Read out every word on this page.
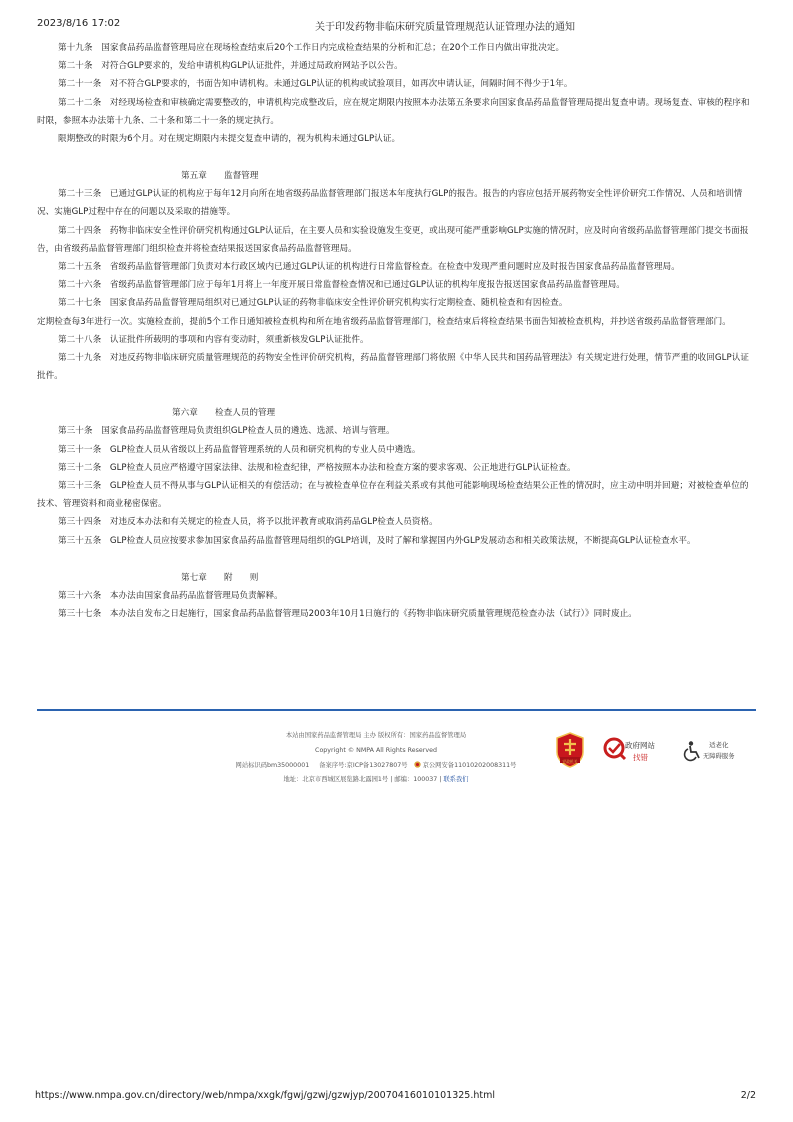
2023/8/16 17:02	关于印发药物非临床研究质量管理规范认证管理办法的通知

第十九条　国家食品药品监督管理局应在现场检查结束后20个工作日内完成检查结果的分析和汇总；在20个工作日内做出审批决定。

第二十条　对符合GLP要求的，发给申请机构GLP认证批件，并通过局政府网站予以公告。

第二十一条　对不符合GLP要求的，书面告知申请机构。未通过GLP认证的机构或试验项目，如再次申请认证，间隔时间不得少于1年。

第二十二条　对经现场检查和审核确定需要整改的，申请机构完成整改后，应在规定期限内按照本办法第五条要求向国家食品药品监督管理局提出复查申请。现场复查、审核的程序和时限，参照本办法第十九条、二十条和第二十一条的规定执行。

限期整改的时限为6个月。对在规定期限内未提交复查申请的，视为机构未通过GLP认证。

第五章　　监督管理

第二十三条　已通过GLP认证的机构应于每年12月向所在地省级药品监督管理部门报送本年度执行GLP的报告。报告的内容应包括开展药物安全性评价研究工作情况、人员和培训情况、实施GLP过程中存在的问题以及采取的措施等。

第二十四条　药物非临床安全性评价研究机构通过GLP认证后，在主要人员和实验设施发生变更，或出现可能严重影响GLP实施的情况时，应及时向省级药品监督管理部门提交书面报告，由省级药品监督管理部门组织检查并将检查结果报送国家食品药品监督管理局。

第二十五条　省级药品监督管理部门负责对本行政区域内已通过GLP认证的机构进行日常监督检查。在检查中发现严重问题时应及时报告国家食品药品监督管理局。

第二十六条　省级药品监督管理部门应于每年1月将上一年度开展日常监督检查情况和已通过GLP认证的机构年度报告报送国家食品药品监督管理局。

第二十七条　国家食品药品监督管理局组织对已通过GLP认证的药物非临床安全性评价研究机构实行定期检查、随机检查和有因检查。

定期检查每3年进行一次。实施检查前，提前5个工作日通知被检查机构和所在地省级药品监督管理部门，检查结束后将检查结果书面告知被检查机构，并抄送省级药品监督管理部门。

第二十八条　认证批件所载明的事项和内容有变动时，须重新核发GLP认证批件。

第二十九条　对违反药物非临床研究质量管理规范的药物安全性评价研究机构，药品监督管理部门将依照《中华人民共和国药品管理法》有关规定进行处理，情节严重的收回GLP认证批件。

第六章　　检查人员的管理

第三十条　国家食品药品监督管理局负责组织GLP检查人员的遴选、选派、培训与管理。

第三十一条　GLP检查人员从省级以上药品监督管理系统的人员和研究机构的专业人员中遴选。

第三十二条　GLP检查人员应严格遵守国家法律、法规和检查纪律，严格按照本办法和检查方案的要求客观、公正地进行GLP认证检查。

第三十三条　GLP检查人员不得从事与GLP认证相关的有偿活动；在与被检查单位存在利益关系或有其他可能影响现场检查结果公正性的情况时，应主动申明并回避；对被检查单位的技术、管理资料和商业秘密保密。

第三十四条　对违反本办法和有关规定的检查人员，将予以批评教育或取消药品GLP检查人员资格。

第三十五条　GLP检查人员应按要求参加国家食品药品监督管理局组织的GLP培训，及时了解和掌握国内外GLP发展动态和相关政策法规，不断提高GLP认证检查水平。

第七章　　附　　则

第三十六条　本办法由国家食品药品监督管理局负责解释。

第三十七条　本办法自发布之日起施行，国家食品药品监督管理局2003年10月1日施行的《药物非临床研究质量管理规范检查办法（试行）》同时废止。

本站由国家药品监督管理局 主办 版权所有：国家药品监督管理局
Copyright © NMPA All Rights Reserved
网站标识码bm35000001 备案序号:京ICP备13027807号 京公网安备11010202008311号
地址：北京市西城区展览路北露园1号 | 邮编：100037 | 联系我们
党政机关
政府网站
找错
适老化
无障碍服务
https://www.nmpa.gov.cn/directory/web/nmpa/xxgk/fgwj/gzwj/gzwjyp/20070416010101325.html	2/2
